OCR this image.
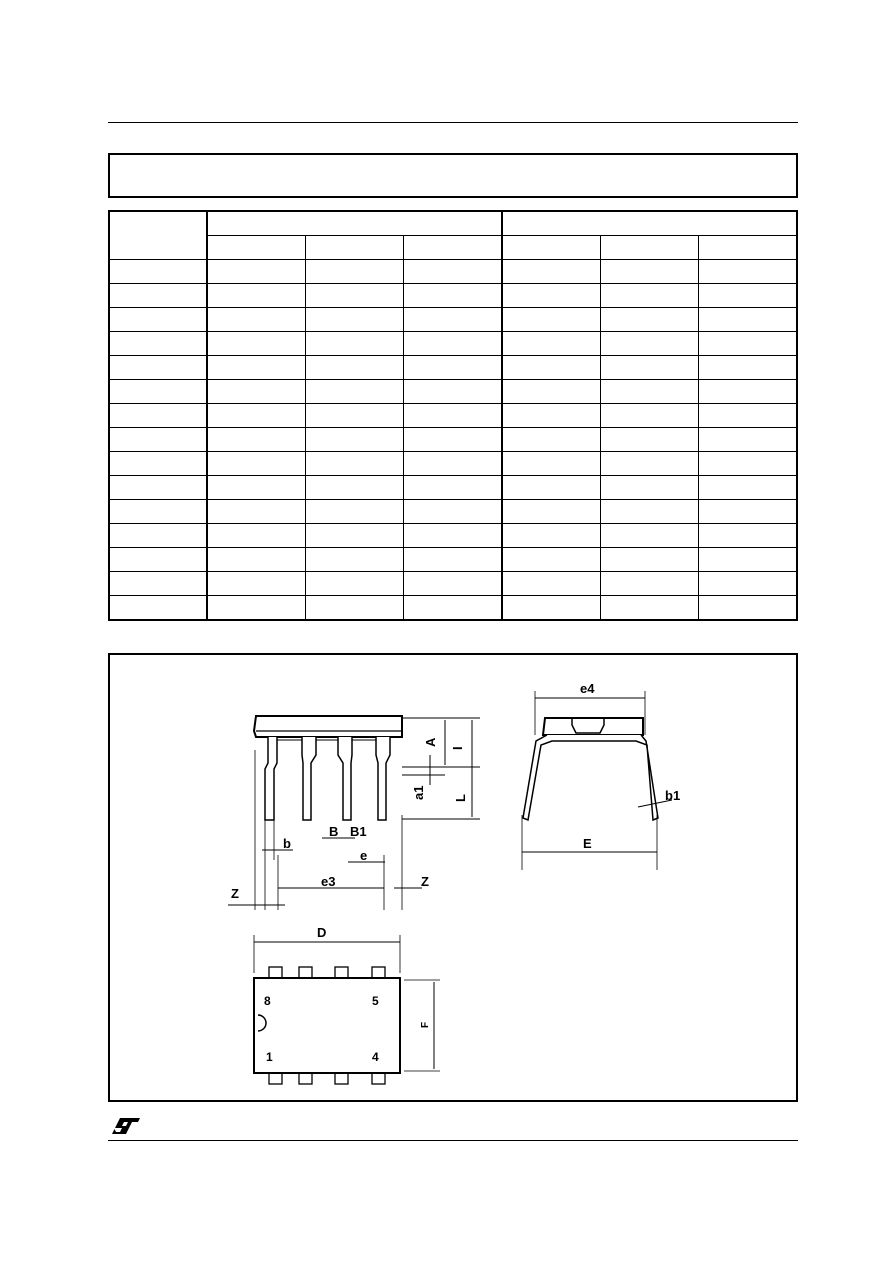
A
I
a1 L
b
B B1
e
e3
Z
Z
e4
b1
E
D
F
8	5
1	4
